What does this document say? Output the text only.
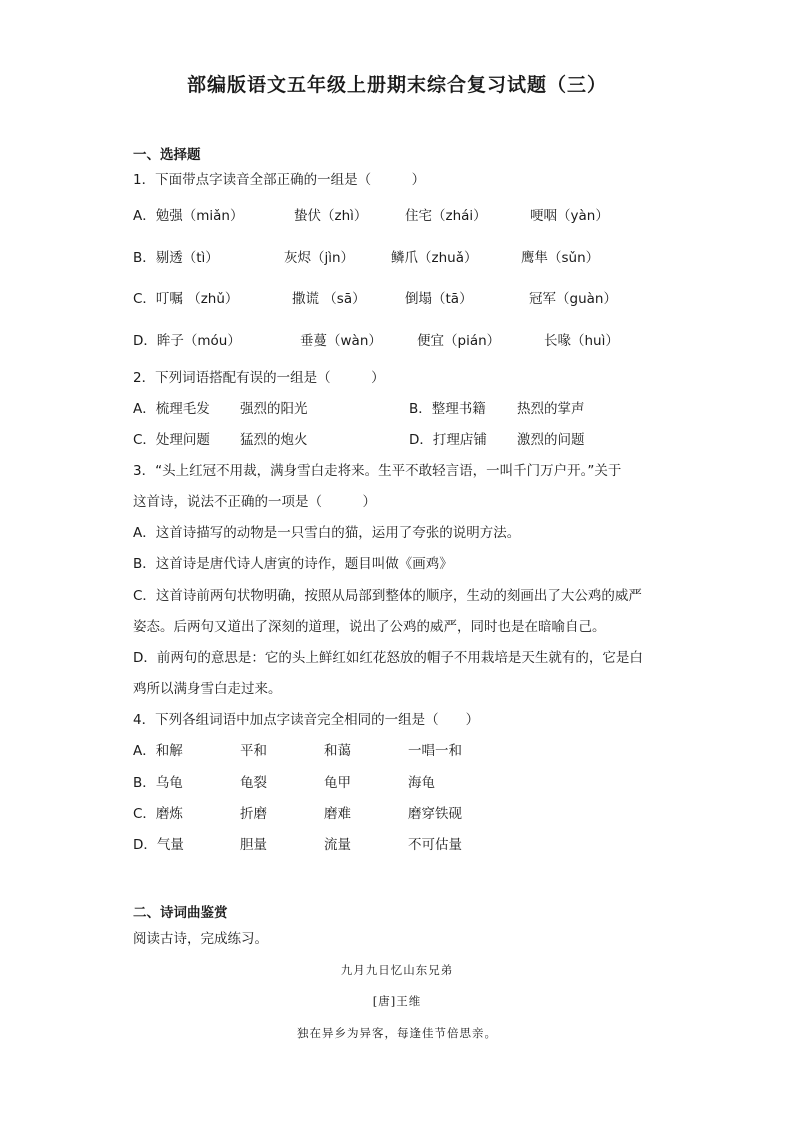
部编版语文五年级上册期末综合复习试题（三）
一、选择题
1．下面带点字读音全部正确的一组是（　　　）
A．勉强（miǎn）	蛰伏（zhì）	住宅（zhái）	哽咽（yàn）
B．剔透（tì）	灰烬（jìn）	鳞爪（zhuǎ）	鹰隼（sǔn）
C．叮嘱 （zhǔ）	撒谎 （sā）	倒塌（tā）	冠军（guàn）
D．眸子（móu）	垂蔓（wàn）	便宜（pián）	长喙（huì）
2．下列词语搭配有误的一组是（　　　）
A．梳理毛发 强烈的阳光	B．整理书籍 热烈的掌声
C．处理问题 猛烈的炮火	D．打理店铺 激烈的问题
3．“头上红冠不用裁，满身雪白走将来。生平不敢轻言语，一叫千门万户开。”关于
这首诗，说法不正确的一项是（　　　）
A．这首诗描写的动物是一只雪白的猫，运用了夸张的说明方法。
B．这首诗是唐代诗人唐寅的诗作，题目叫做《画鸡》
C．这首诗前两句状物明确，按照从局部到整体的顺序，生动的刻画出了大公鸡的威严
姿态。后两句又道出了深刻的道理，说出了公鸡的威严，同时也是在暗喻自己。
D．前两句的意思是：它的头上鲜红如红花怒放的帽子不用栽培是天生就有的，它是白
鸡所以满身雪白走过来。
4．下列各组词语中加点字读音完全相同的一组是（　　）
A．和解	平和	和蔼	一唱一和
B．乌龟	龟裂	龟甲	海龟
C．磨炼	折磨	磨难	磨穿铁砚
D．气量	胆量	流量	不可估量
二、诗词曲鉴赏
阅读古诗，完成练习。
九月九日忆山东兄弟
[唐]王维
独在异乡为异客，每逢佳节倍思亲。
